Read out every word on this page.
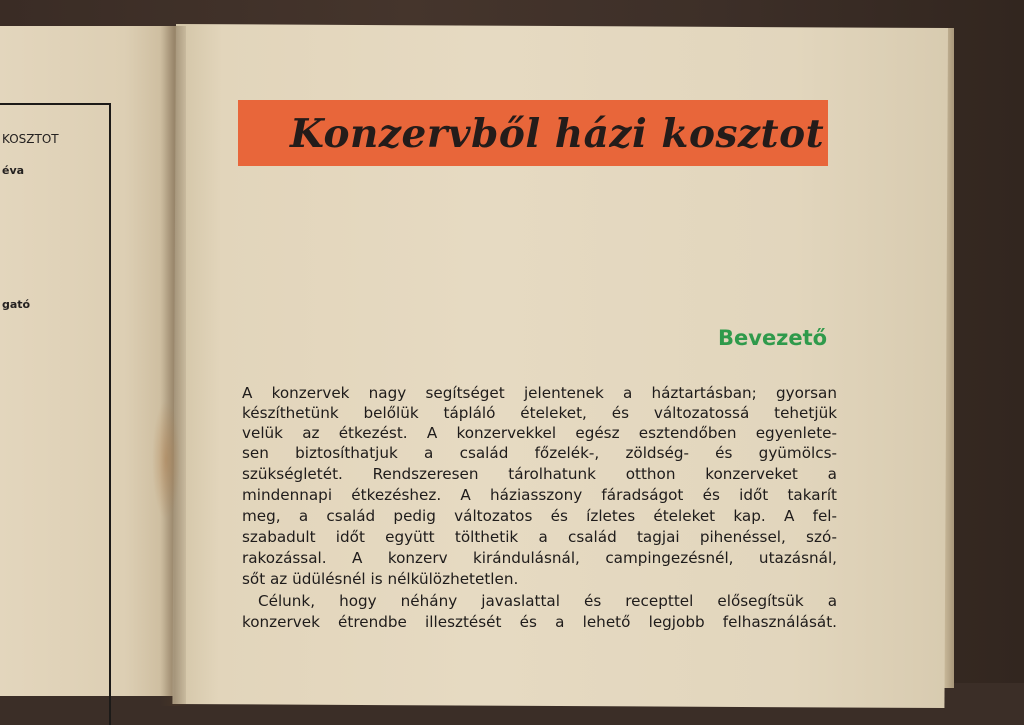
KOSZTOT
éva
gató
Konzervből házi kosztot
Bevezető
A konzervek nagy segítséget jelentenek a háztartásban; gyorsan
készíthetünk belőlük tápláló ételeket, és változatossá tehetjük
velük az étkezést. A konzervekkel egész esztendőben egyenlete-
sen biztosíthatjuk a család főzelék-, zöldség- és gyümölcs-
szükségletét. Rendszeresen tárolhatunk otthon konzerveket a
mindennapi étkezéshez. A háziasszony fáradságot és időt takarít
meg, a család pedig változatos és ízletes ételeket kap. A fel-
szabadult időt együtt tölthetik a család tagjai pihenéssel, szó-
rakozással. A konzerv kirándulásnál, campingezésnél, utazásnál,
sőt az üdülésnél is nélkülözhetetlen.
Célunk, hogy néhány javaslattal és recepttel elősegítsük a
konzervek étrendbe illesztését és a lehető legjobb felhasználását.
